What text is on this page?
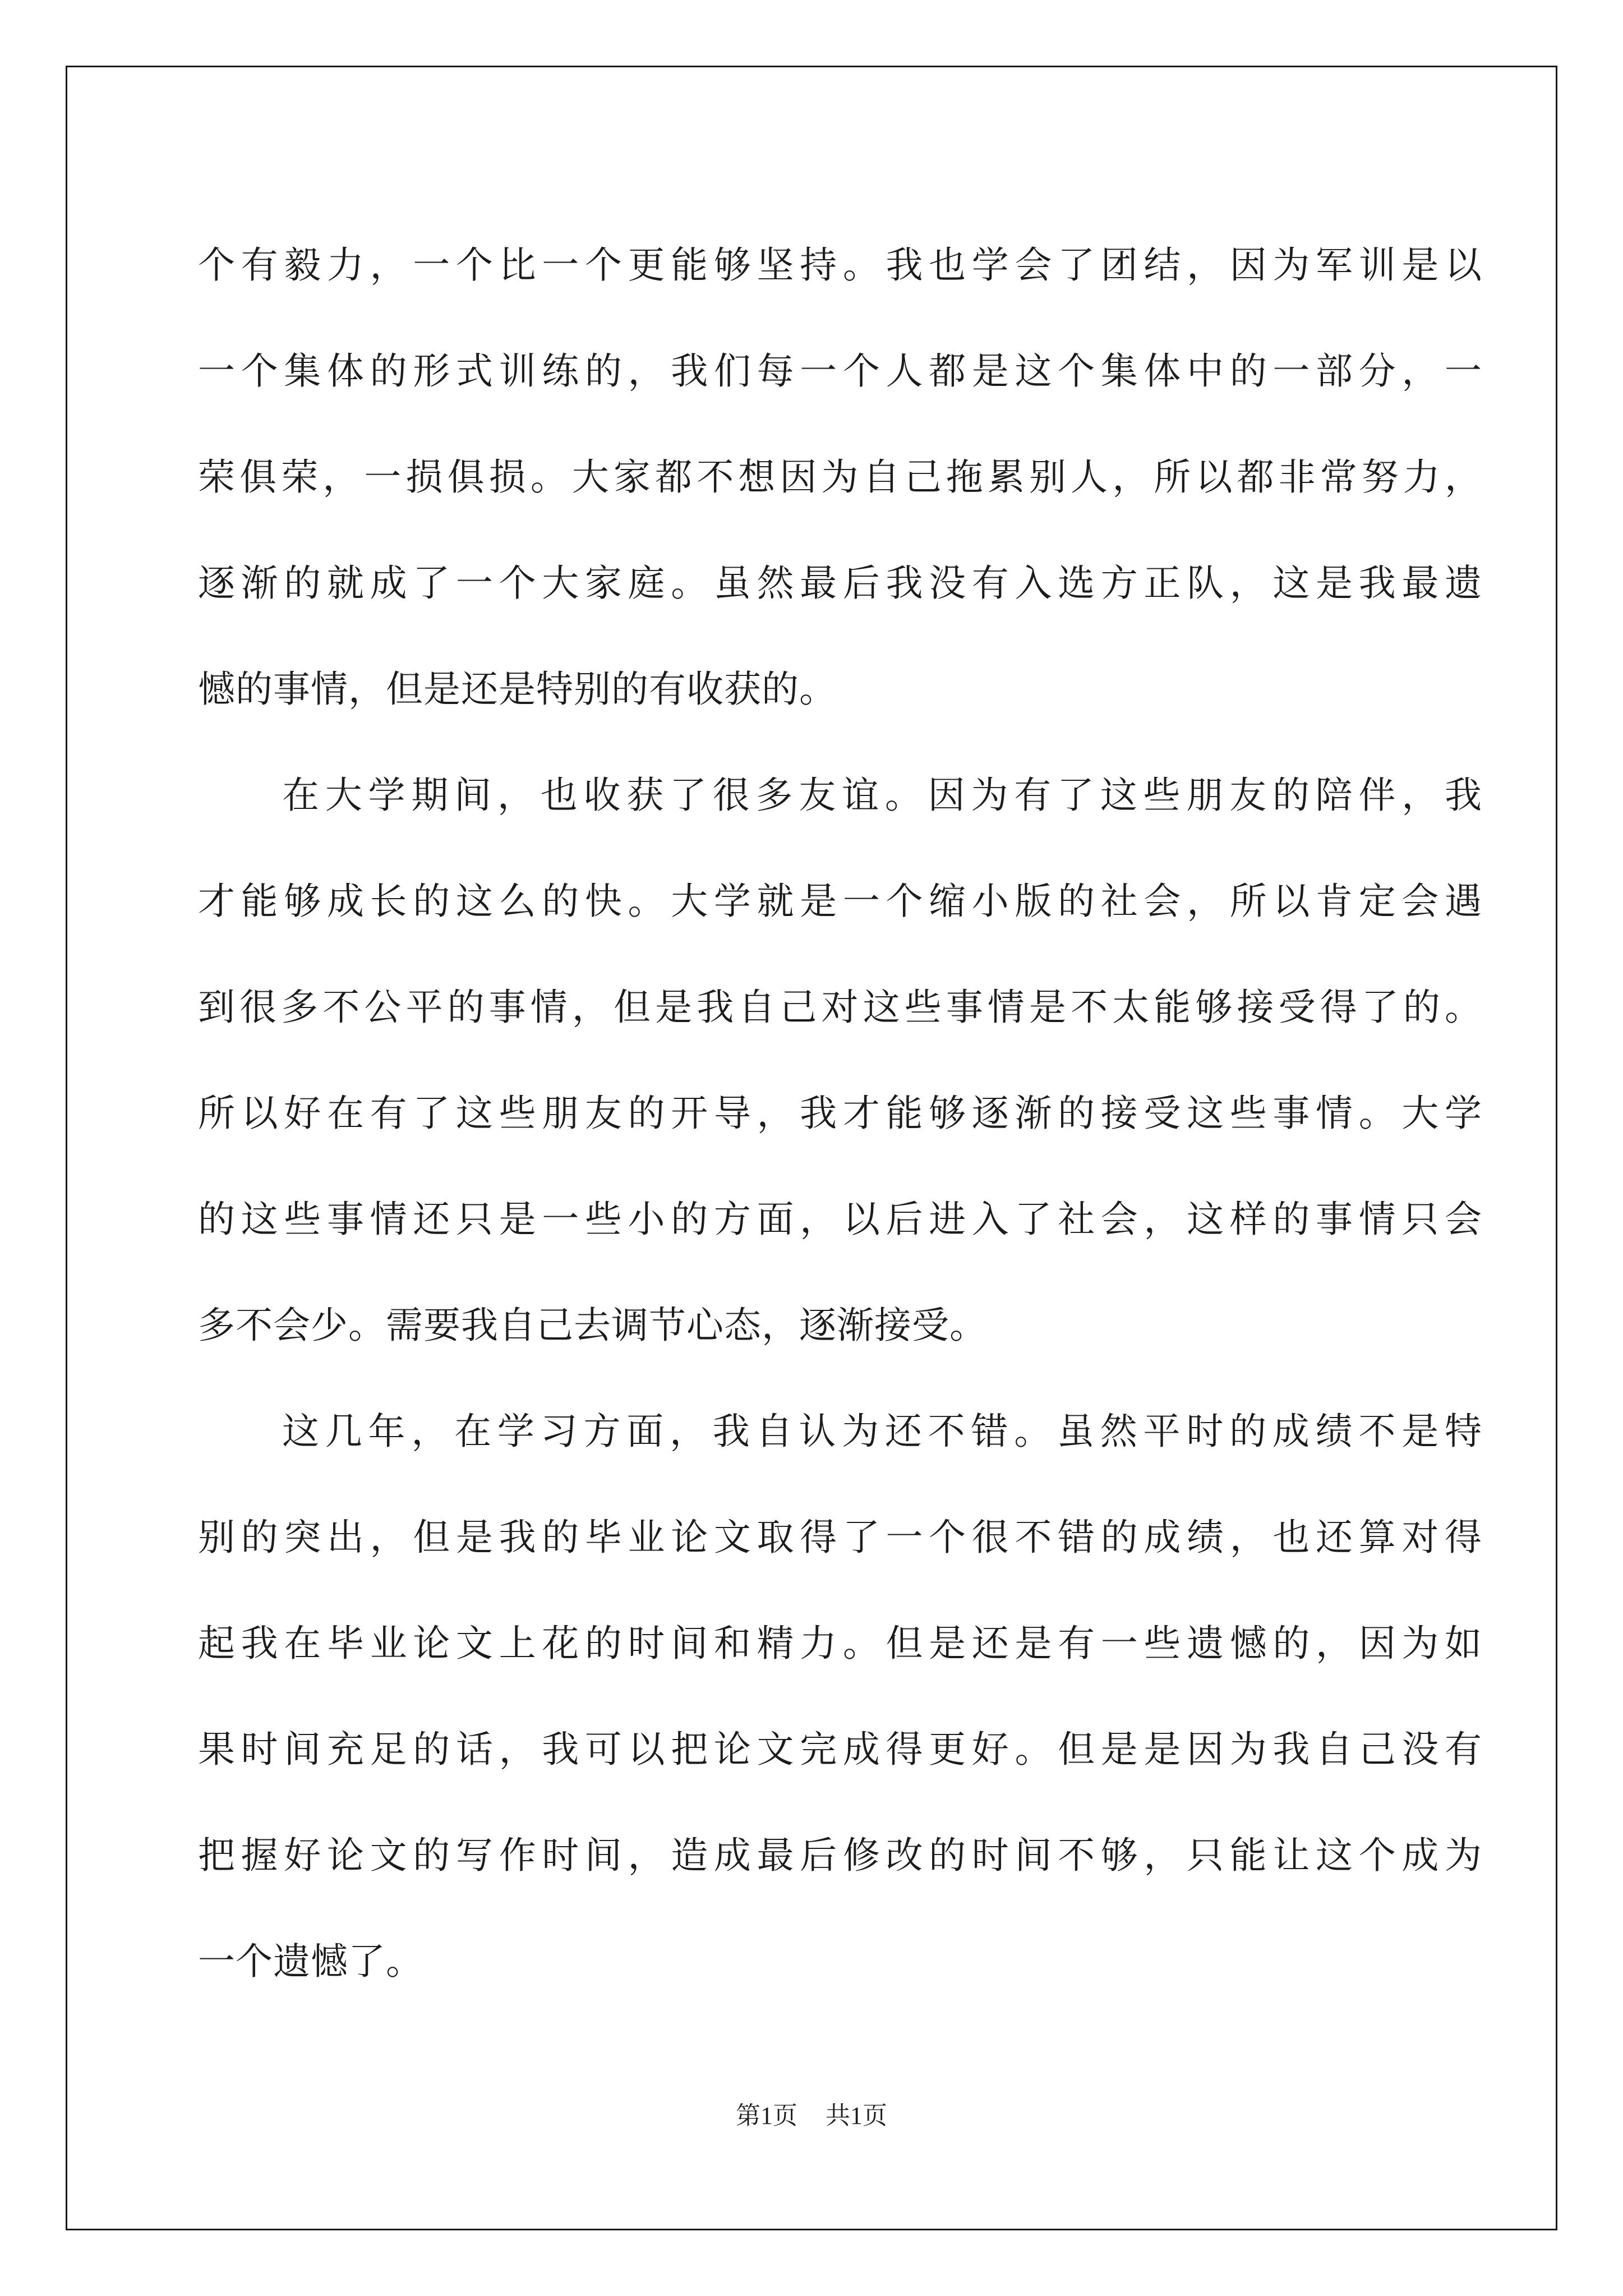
个有毅力，一个比一个更能够坚持。我也学会了团结，因为军训是以
一个集体的形式训练的，我们每一个人都是这个集体中的一部分，一
荣俱荣，一损俱损。大家都不想因为自己拖累别人，所以都非常努力，
逐渐的就成了一个大家庭。虽然最后我没有入选方正队，这是我最遗
憾的事情，但是还是特别的有收获的。
在大学期间，也收获了很多友谊。因为有了这些朋友的陪伴，我
才能够成长的这么的快。大学就是一个缩小版的社会，所以肯定会遇
到很多不公平的事情，但是我自己对这些事情是不太能够接受得了的。
所以好在有了这些朋友的开导，我才能够逐渐的接受这些事情。大学
的这些事情还只是一些小的方面，以后进入了社会，这样的事情只会
多不会少。需要我自己去调节心态，逐渐接受。
这几年，在学习方面，我自认为还不错。虽然平时的成绩不是特
别的突出，但是我的毕业论文取得了一个很不错的成绩，也还算对得
起我在毕业论文上花的时间和精力。但是还是有一些遗憾的，因为如
果时间充足的话，我可以把论文完成得更好。但是是因为我自己没有
把握好论文的写作时间，造成最后修改的时间不够，只能让这个成为
一个遗憾了。
第1页 共1页
